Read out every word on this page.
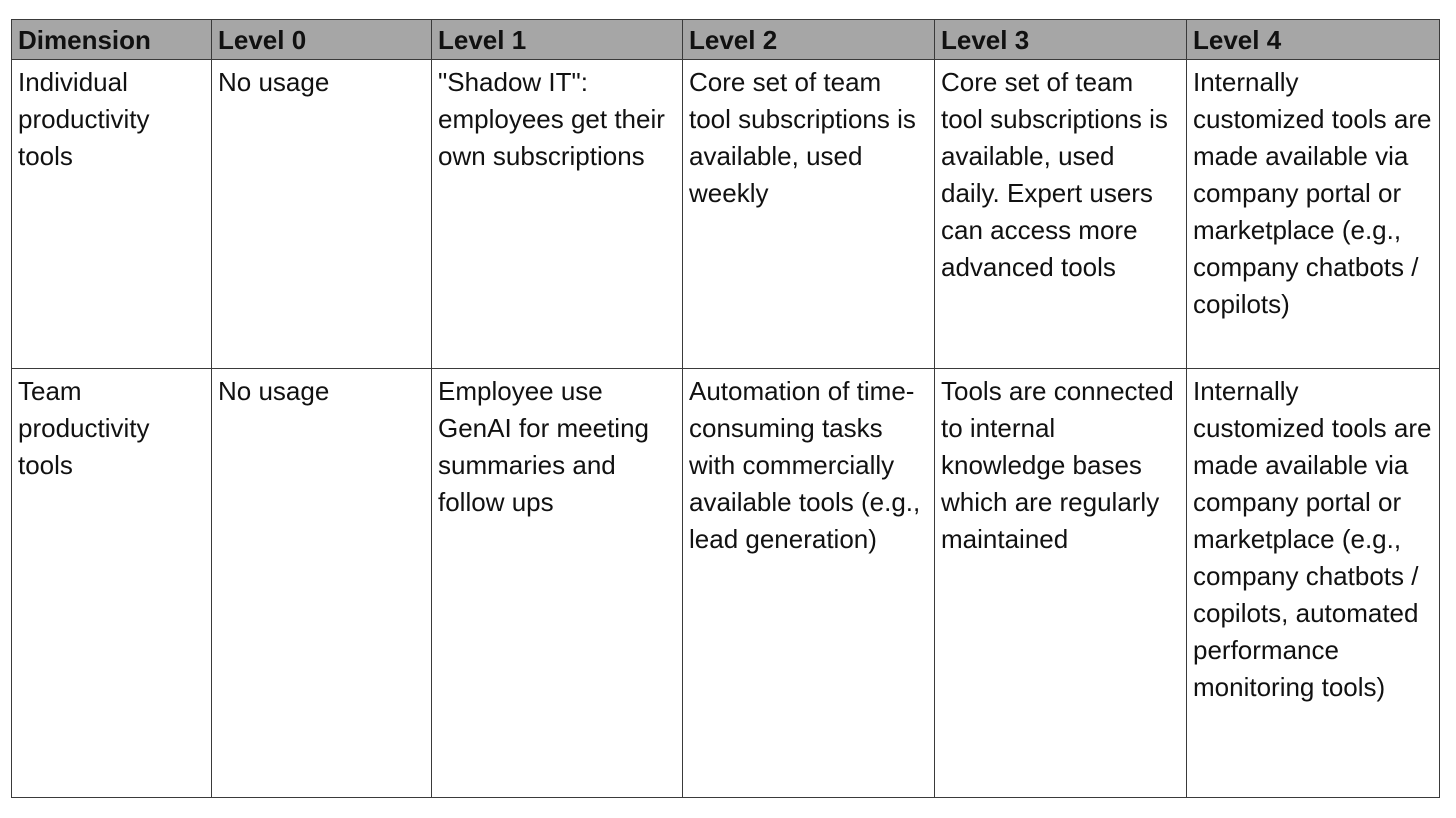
Dimension	Level 0	Level 1	Level 2	Level 3	Level 4
Individual productivity tools	No usage	"Shadow IT": employees get their own subscriptions	Core set of team tool subscriptions is available, used weekly	Core set of team tool subscriptions is available, used daily. Expert users can access more advanced tools	Internally customized tools are made available via company portal or marketplace (e.g., company chatbots / copilots)
Team productivity tools	No usage	Employee use GenAI for meeting summaries and follow ups	Automation of time-consuming tasks with commercially available tools (e.g., lead generation)	Tools are connected to internal knowledge bases which are regularly maintained	Internally customized tools are made available via company portal or marketplace (e.g., company chatbots / copilots, automated performance monitoring tools)
